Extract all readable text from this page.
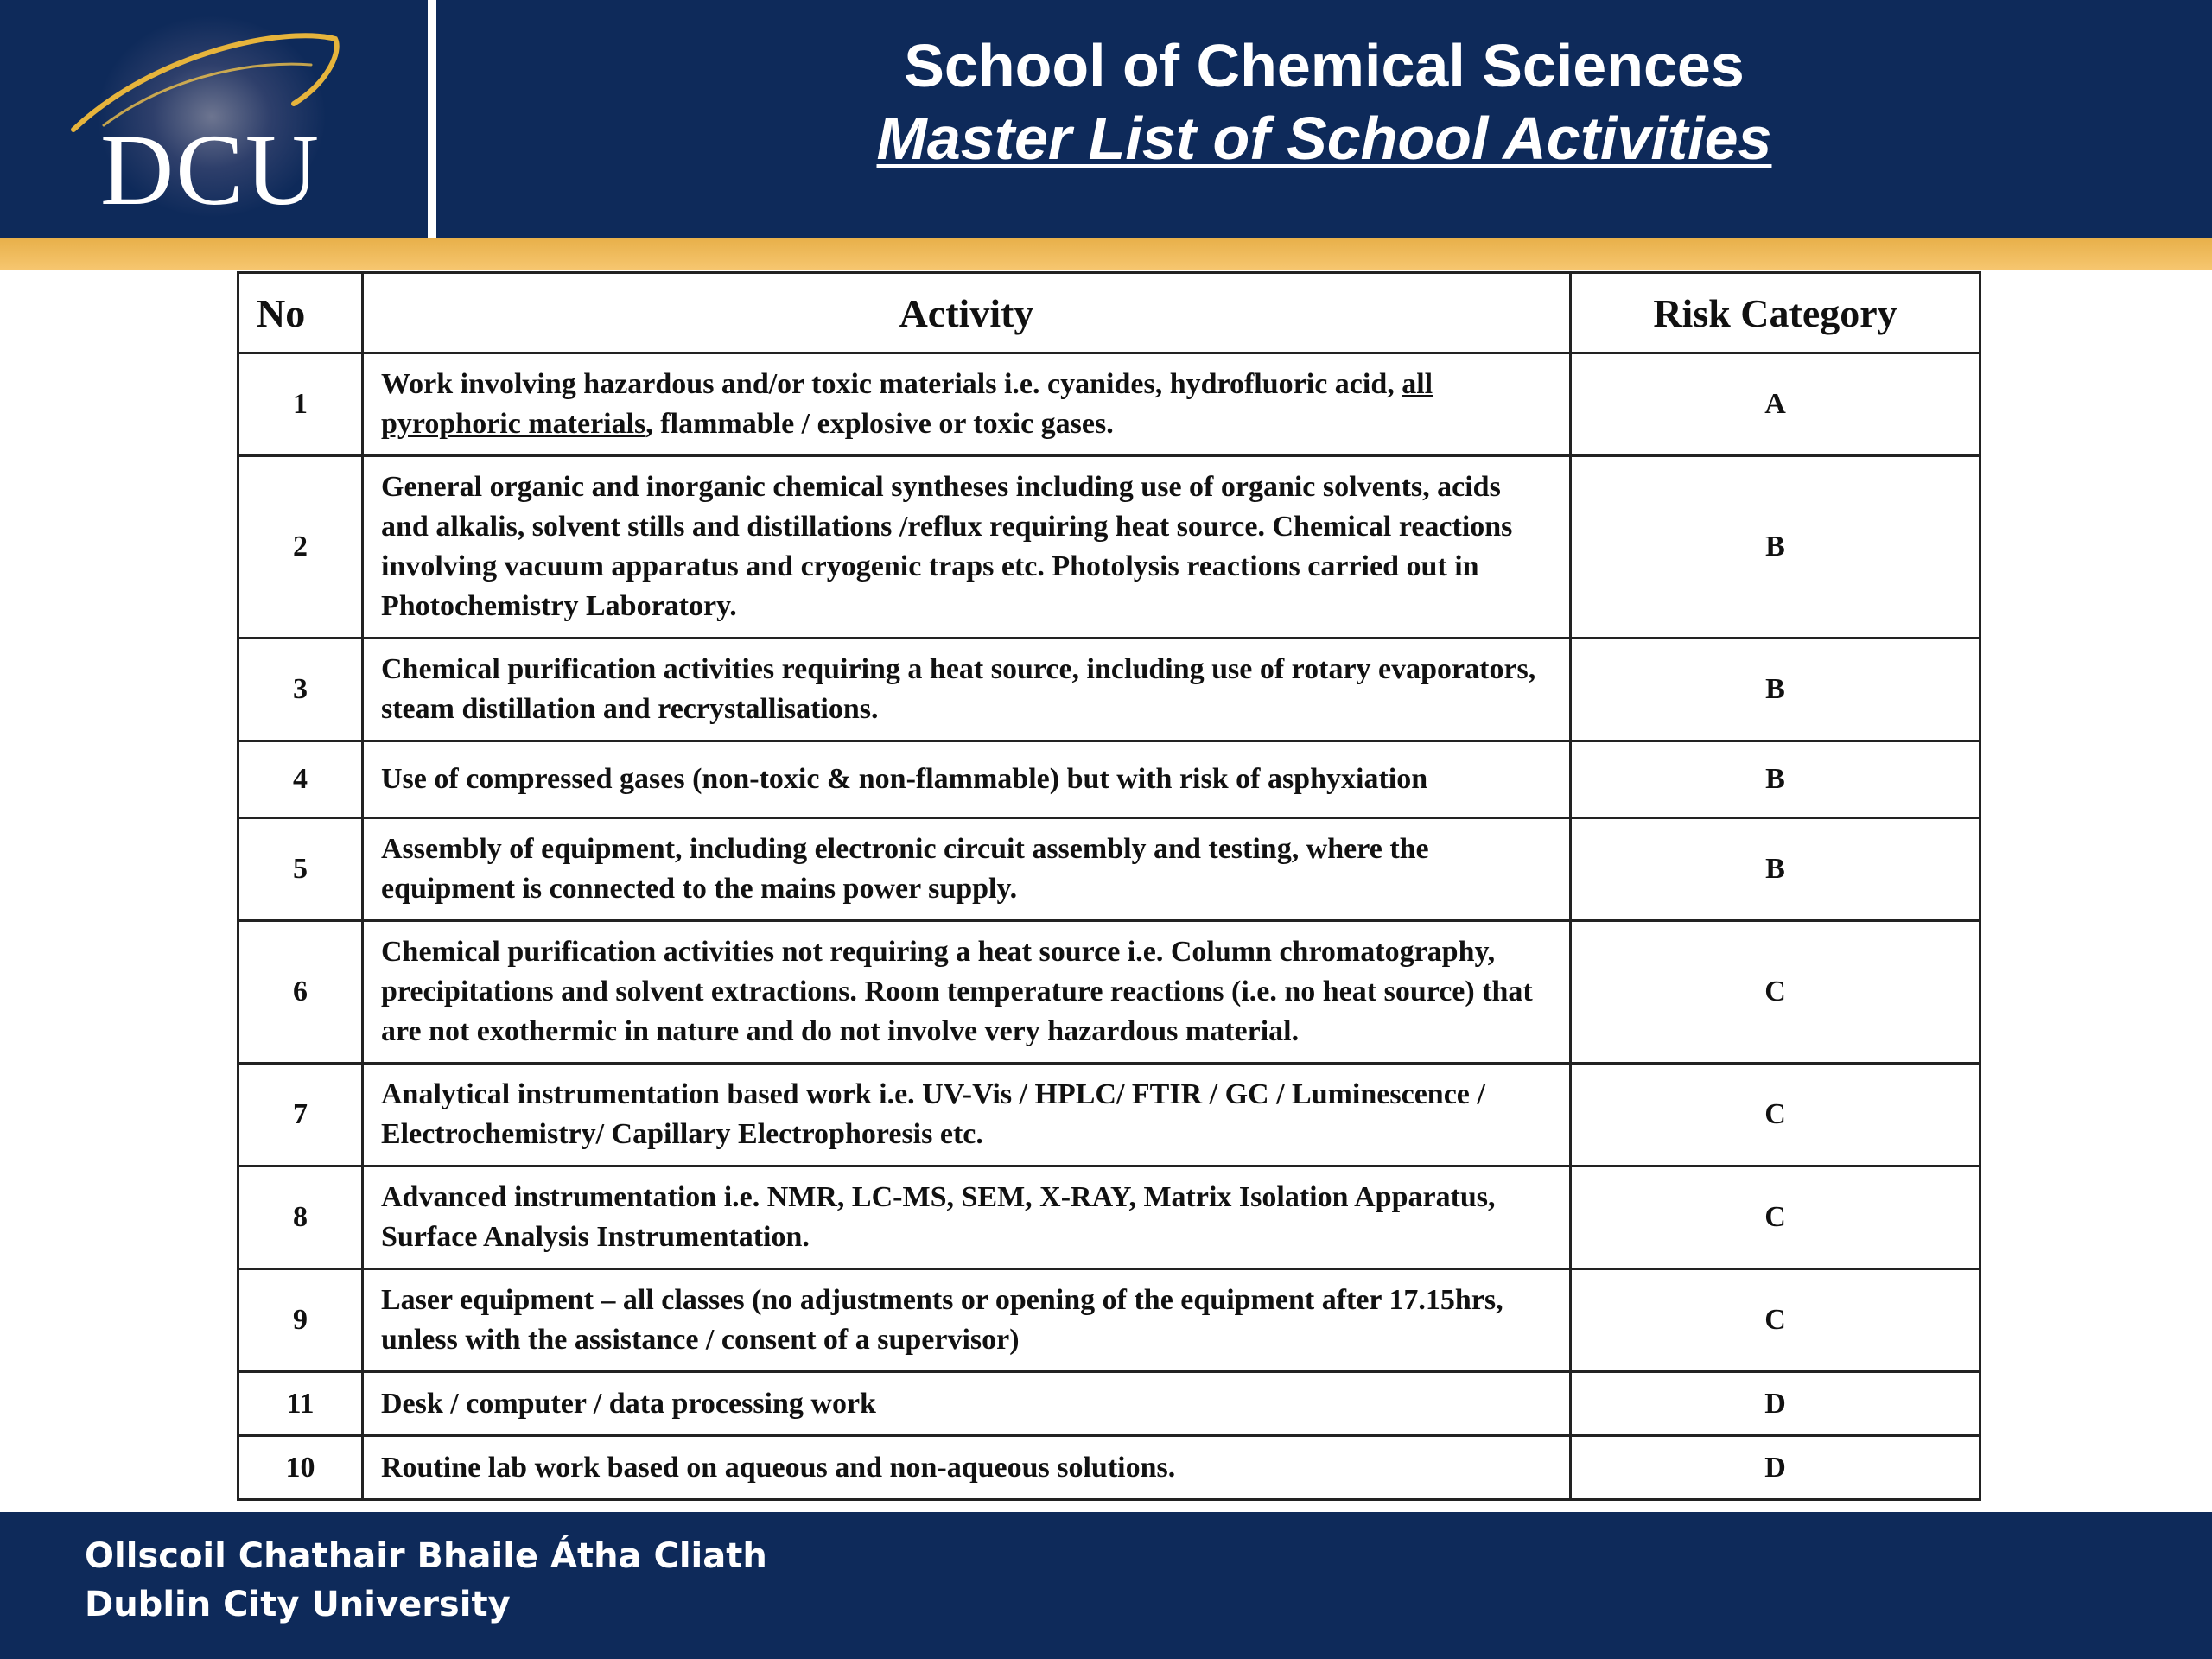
DCU
School of Chemical Sciences
Master List of School Activities
No	Activity	Risk Category
1	Work involving hazardous and/or toxic materials i.e. cyanides, hydrofluoric acid, all pyrophoric materials, flammable / explosive or toxic gases.	A
2	General organic and inorganic chemical syntheses including use of organic solvents, acids and alkalis, solvent stills and distillations /reflux requiring heat source. Chemical reactions involving vacuum apparatus and cryogenic traps etc. Photolysis reactions carried out in Photochemistry Laboratory.	B
3	Chemical purification activities requiring a heat source, including use of rotary evaporators, steam distillation and recrystallisations.	B
4	Use of compressed gases (non-toxic & non-flammable) but with risk of asphyxiation	B
5	Assembly of equipment, including electronic circuit assembly and testing, where the equipment is connected to the mains power supply.	B
6	Chemical purification activities not requiring a heat source i.e. Column chromatography, precipitations and solvent extractions. Room temperature reactions (i.e. no heat source) that are not exothermic in nature and do not involve very hazardous material.	C
7	Analytical instrumentation based work i.e. UV-Vis / HPLC/ FTIR / GC / Luminescence / Electrochemistry/ Capillary Electrophoresis etc.	C
8	Advanced instrumentation i.e. NMR, LC-MS, SEM, X-RAY, Matrix Isolation Apparatus, Surface Analysis Instrumentation.	C
9	Laser equipment – all classes (no adjustments or opening of the equipment after 17.15hrs, unless with the assistance / consent of a supervisor)	C
11	Desk / computer / data processing work	D
10	Routine lab work based on aqueous and non-aqueous solutions.	D
Ollscoil Chathair Bhaile Átha Cliath
Dublin City University
